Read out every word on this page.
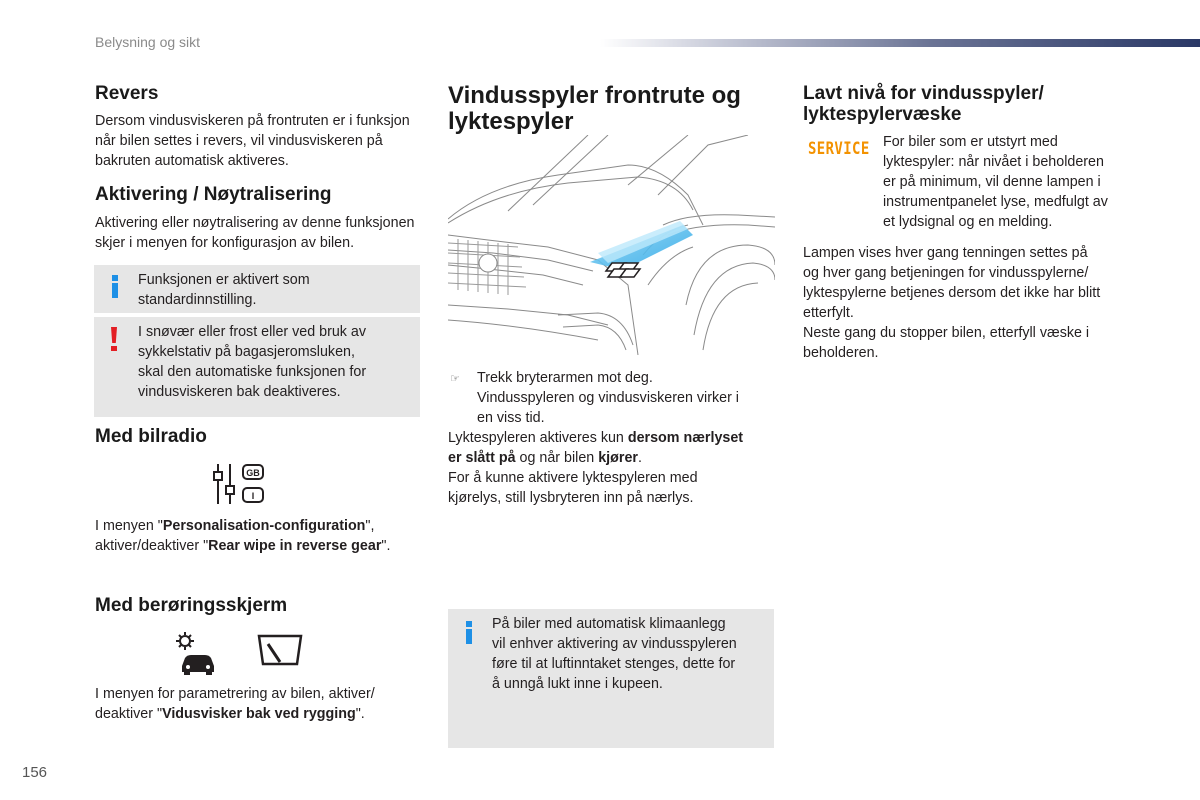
Belysning og sikt
Revers

Dersom vindusviskeren på frontruten er i funksjon

når bilen settes i revers, vil vindusviskeren på

bakruten automatisk aktiveres.

Aktivering / Nøytralisering

Aktivering eller nøytralisering av denne funksjonen

skjer i menyen for konfigurasjon av bilen.

Funksjonen er aktivert som
standardinnstilling.
I snøvær eller frost eller ved bruk av
sykkelstativ på bagasjeromsluken,
skal den automatiske funksjonen for
vindusviskeren bak deaktiveres.
Med bilradio
GB
I

I menyen "Personalisation-configuration",

aktiver/deaktiver "Rear wipe in reverse gear".

Med berøringsskjerm

I menyen for parametrering av bilen, aktiver/

deaktiver "Vidusvisker bak ved rygging".

Vindusspyler frontrute og
lyktespyler
☞ Trekk bryterarmen mot deg.

Vindusspyleren og vindusviskeren virker i

en viss tid.

Lyktespyleren aktiveres kun dersom nærlyset

er slått på og når bilen kjører.

For å kunne aktivere lyktespyleren med

kjørelys, still lysbryteren inn på nærlys.

På biler med automatisk klimaanlegg
vil enhver aktivering av vindusspyleren
føre til at luftinntaket stenges, dette for
å unngå lukt inne i kupeen.
Lavt nivå for vindusspyler/
lyktespylervæske
SERVICE For biler som er utstyrt med

lyktespyler: når nivået i beholderen

er på minimum, vil denne lampen i

instrumentpanelet lyse, medfulgt av

et lydsignal og en melding.

Lampen vises hver gang tenningen settes på

og hver gang betjeningen for vindusspylerne/

lyktespylerne betjenes dersom det ikke har blitt

etterfylt.

Neste gang du stopper bilen, etterfyll væske i

beholderen.

156
